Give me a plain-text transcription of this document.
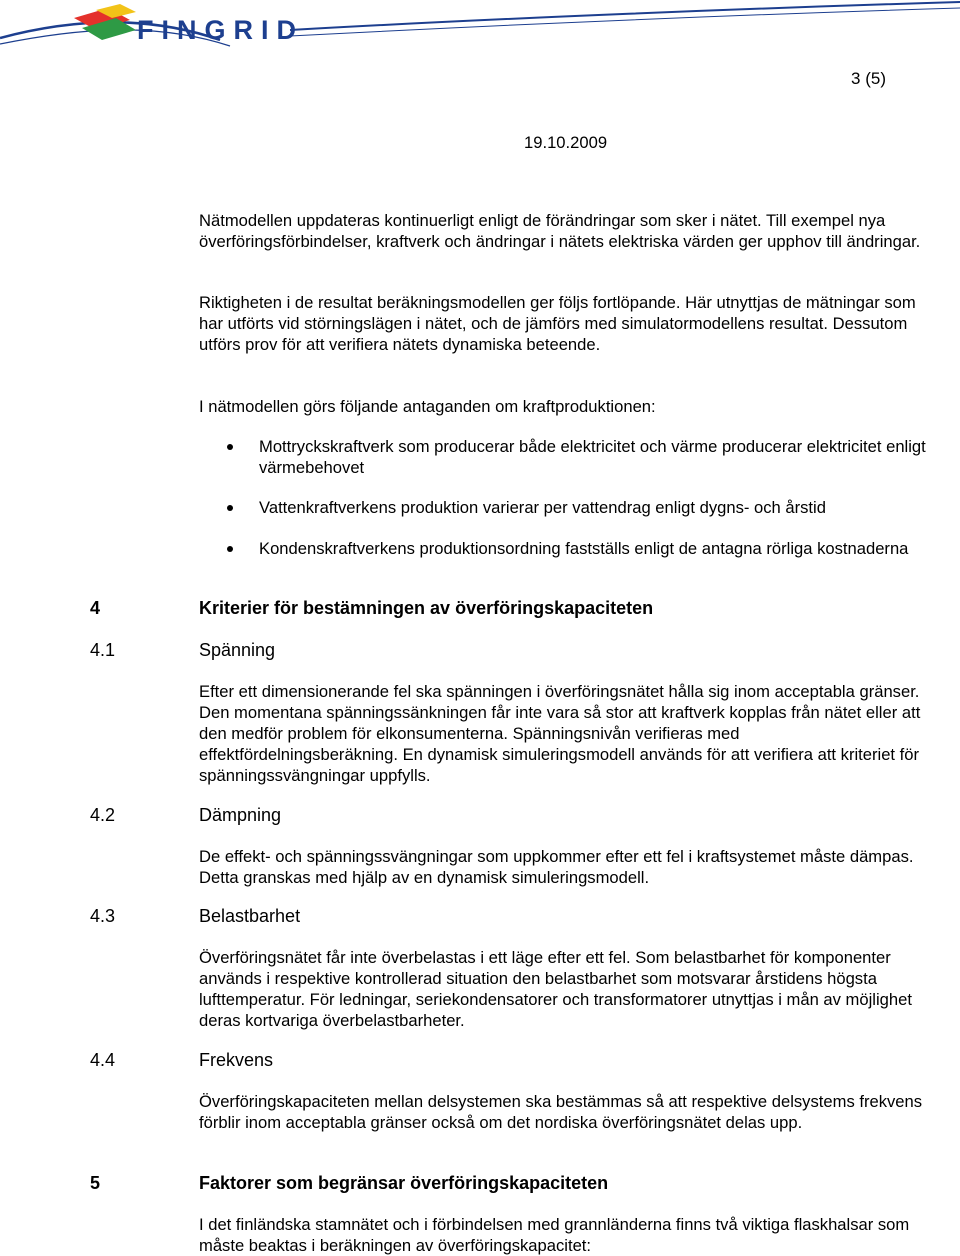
FINGRID
3 (5)
19.10.2009
Nätmodellen uppdateras kontinuerligt enligt de förändringar som sker i nätet. Till exempel nya överföringsförbindelser, kraftverk och ändringar i nätets elektriska värden ger upphov till ändringar.
Riktigheten i de resultat beräkningsmodellen ger följs fortlöpande. Här utnyttjas de mätningar som har utförts vid störningslägen i nätet, och de jämförs med simulatormodellens resultat. Dessutom utförs prov för att verifiera nätets dynamiska beteende.
I nätmodellen görs följande antaganden om kraftproduktionen:
Mottryckskraftverk som producerar både elektricitet och värme producerar elektricitet enligt värmebehovet
Vattenkraftverkens produktion varierar per vattendrag enligt dygns- och årstid
Kondenskraftverkens produktionsordning fastställs enligt de antagna rörliga kostnaderna
4	Kriterier för bestämningen av överföringskapaciteten
4.1	Spänning
Efter ett dimensionerande fel ska spänningen i överföringsnätet hålla sig inom acceptabla gränser. Den momentana spänningssänkningen får inte vara så stor att kraftverk kopplas från nätet eller att den medför problem för elkonsumenterna. Spänningsnivån verifieras med effektfördelningsberäkning. En dynamisk simuleringsmodell används för att verifiera att kriteriet för spänningssvängningar uppfylls.
4.2	Dämpning
De effekt- och spänningssvängningar som uppkommer efter ett fel i kraftsystemet måste dämpas. Detta granskas med hjälp av en dynamisk simuleringsmodell.
4.3	Belastbarhet
Överföringsnätet får inte överbelastas i ett läge efter ett fel. Som belastbarhet för komponenter används i respektive kontrollerad situation den belastbarhet som motsvarar årstidens högsta lufttemperatur. För ledningar, seriekondensatorer och transformatorer utnyttjas i mån av möjlighet deras kortvariga överbelastbarheter.
4.4	Frekvens
Överföringskapaciteten mellan delsystemen ska bestämmas så att respektive delsystems frekvens förblir inom acceptabla gränser också om det nordiska överföringsnätet delas upp.
5	Faktorer som begränsar överföringskapaciteten
I det finländska stamnätet och i förbindelsen med grannländerna finns två viktiga flaskhalsar som måste beaktas i beräkningen av överföringskapacitet:
